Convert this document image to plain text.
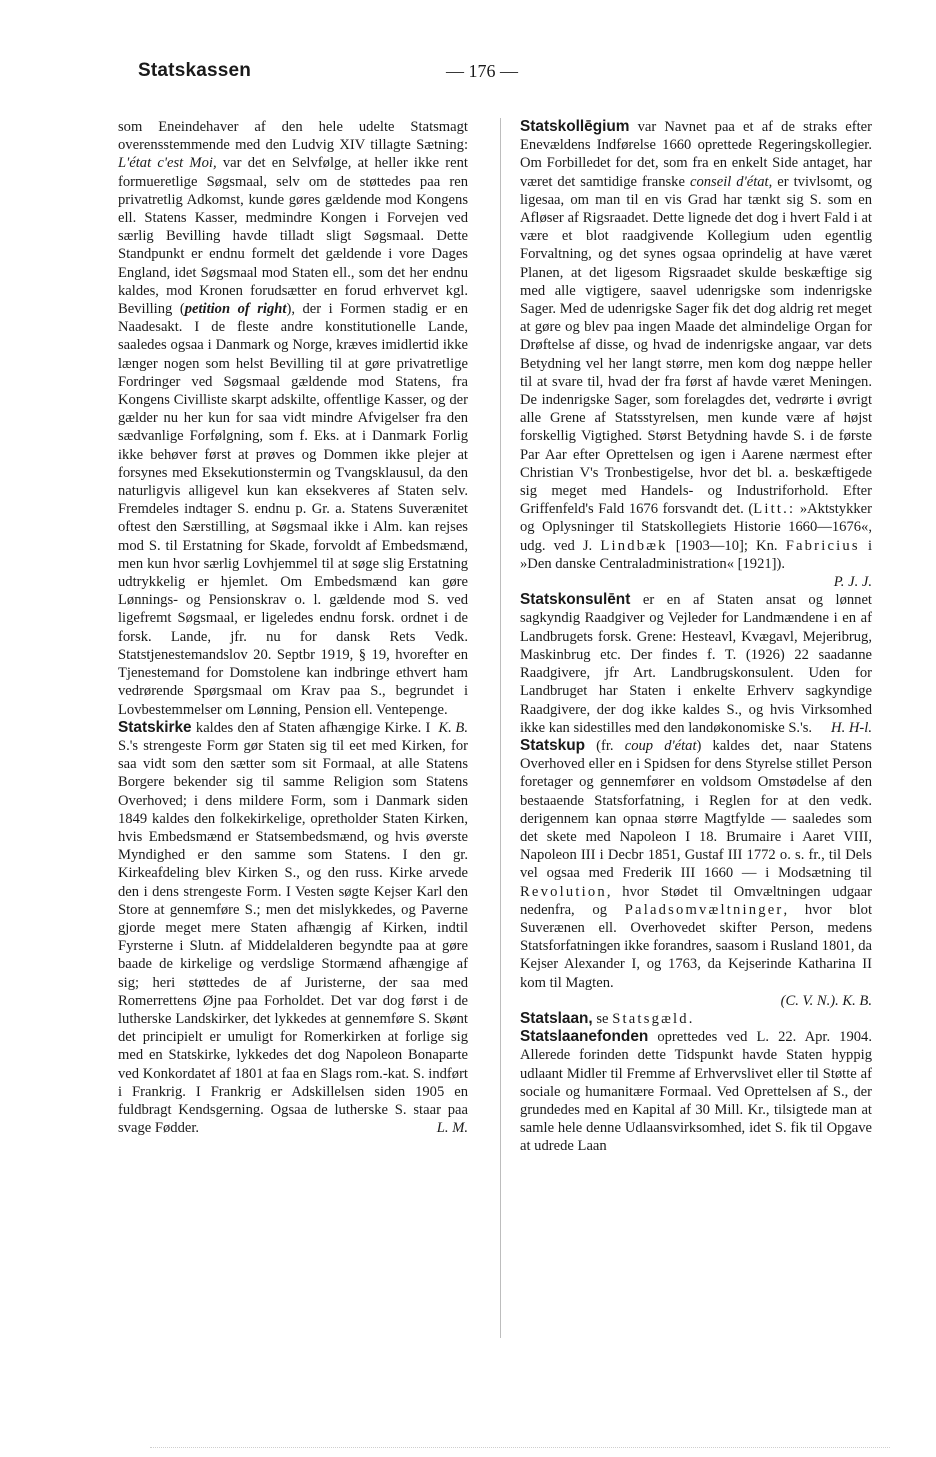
Statskassen	— 176 —

som Eneindehaver af den hele udelte Statsmagt overensstemmende med den Ludvig XIV tillagte Sætning: L'état c'est Moi, var det en Selvfølge, at heller ikke rent formueretlige Søgsmaal, selv om de støttedes paa ren privatretlig Adkomst, kunde gøres gældende mod Kongens ell. Statens Kasser, medmindre Kongen i Forvejen ved særlig Bevilling havde tilladt sligt Søgsmaal. Dette Standpunkt er endnu formelt det gældende i vore Dages England, idet Søgsmaal mod Staten ell., som det her endnu kaldes, mod Kronen forudsætter en forud erhvervet kgl. Bevilling (petition of right), der i Formen stadig er en Naadesakt. I de fleste andre konstitutionelle Lande, saaledes ogsaa i Danmark og Norge, kræves imidlertid ikke længer nogen som helst Bevilling til at gøre privatretlige Fordringer ved Søgsmaal gældende mod Statens, fra Kongens Civilliste skarpt adskilte, offentlige Kasser, og der gælder nu her kun for saa vidt mindre Afvigelser fra den sædvanlige Forfølgning, som f. Eks. at i Danmark Forlig ikke behøver først at prøves og Dommen ikke plejer at forsynes med Eksekutionstermin og Tvangsklausul, da den naturligvis alligevel kun kan eksekveres af Staten selv. Fremdeles indtager S. endnu p. Gr. a. Statens Suverænitet oftest den Særstilling, at Søgsmaal ikke i Alm. kan rejses mod S. til Erstatning for Skade, forvoldt af Embedsmænd, men kun hvor særlig Lovhjemmel til at søge slig Erstatning udtrykkelig er hjemlet. Om Embedsmænd kan gøre Lønnings- og Pensionskrav o. l. gældende mod S. ved ligefremt Søgsmaal, er ligeledes endnu forsk. ordnet i de forsk. Lande, jfr. nu for dansk Rets Vedk. Statstjenestemandslov 20. Septbr 1919, § 19, hvorefter en Tjenestemand for Domstolene kan indbringe ethvert ham vedrørende Spørgsmaal om Krav paa S., begrundet i Lovbestemmelser om Lønning, Pension ell. Ventepenge.
K. B.

Statskirke kaldes den af Staten afhængige Kirke. I S.'s strengeste Form gør Staten sig til eet med Kirken, for saa vidt som den sætter som sit Formaal, at alle Statens Borgere bekender sig til samme Religion som Statens Overhoved; i dens mildere Form, som i Danmark siden 1849 kaldes den folkekirkelige, opretholder Staten Kirken, hvis Embedsmænd er Statsembedsmænd, og hvis øverste Myndighed er den samme som Statens. I den gr. Kirkeafdeling blev Kirken S., og den russ. Kirke arvede den i dens strengeste Form. I Vesten søgte Kejser Karl den Store at gennemføre S.; men det mislykkedes, og Paverne gjorde meget mere Staten afhængig af Kirken, indtil Fyrsterne i Slutn. af Middelalderen begyndte paa at gøre baade de kirkelige og verdslige Stormænd afhængige af sig; heri støttedes de af Juristerne, der saa med Romerrettens Øjne paa Forholdet. Det var dog først i de lutherske Landskirker, det lykkedes at gennemføre S. Skønt det principielt er umuligt for Romerkirken at forlige sig med en Statskirke, lykkedes det dog Napoleon Bonaparte ved Konkordatet af 1801 at faa en Slags rom.-kat. S. indført i Frankrig. I Frankrig er Adskillelsen siden 1905 en fuldbragt Kendsgerning. Ogsaa de lutherske S. staar paa svage Fødder.	L. M.

Statskollēgium var Navnet paa et af de straks efter Enevældens Indførelse 1660 oprettede Regeringskollegier. Om Forbilledet for det, som fra en enkelt Side antaget, har været det samtidige franske conseil d'état, er tvivlsomt, og ligesaa, om man til en vis Grad har tænkt sig S. som en Afløser af Rigsraadet. Dette lignede det dog i hvert Fald i at være et blot raadgivende Kollegium uden egentlig Forvaltning, og det synes ogsaa oprindelig at have været Planen, at det ligesom Rigsraadet skulde beskæftige sig med alle vigtigere, saavel udenrigske som indenrigske Sager. Med de udenrigske Sager fik det dog aldrig ret meget at gøre og blev paa ingen Maade det almindelige Organ for Drøftelse af disse, og hvad de indenrigske angaar, var dets Betydning vel her langt større, men kom dog næppe heller til at svare til, hvad der fra først af havde været Meningen. De indenrigske Sager, som forelagdes det, vedrørte i øvrigt alle Grene af Statsstyrelsen, men kunde være af højst forskellig Vigtighed. Størst Betydning havde S. i de første Par Aar efter Oprettelsen og igen i Aarene nærmest efter Christian V's Tronbestigelse, hvor det bl. a. beskæftigede sig meget med Handels- og Industriforhold. Efter Griffenfeld's Fald 1676 forsvandt det. (Litt.: »Aktstykker og Oplysninger til Statskollegiets Historie 1660—1676«, udg. ved J. Lindbæk [1903—10]; Kn. Fabricius i »Den danske Centraladministration« [1921]).

P. J. J.

Statskonsulēnt er en af Staten ansat og lønnet sagkyndig Raadgiver og Vejleder for Landmændene i en af Landbrugets forsk. Grene: Hesteavl, Kvægavl, Mejeribrug, Maskinbrug etc. Der findes f. T. (1926) 22 saadanne Raadgivere, jfr Art. Landbrugskonsulent. Uden for Landbruget har Staten i enkelte Erhverv sagkyndige Raadgivere, der dog ikke kaldes S., og hvis Virksomhed ikke kan sidestilles med den landøkonomiske S.'s.	H. H-l.

Statskup (fr. coup d'état) kaldes det, naar Statens Overhoved eller en i Spidsen for dens Styrelse stillet Person foretager og gennemfører en voldsom Omstødelse af den bestaaende Statsforfatning, i Reglen for at den vedk. derigennem kan opnaa større Magtfylde — saaledes som det skete med Napoleon I 18. Brumaire i Aaret VIII, Napoleon III i Decbr 1851, Gustaf III 1772 o. s. fr., til Dels vel ogsaa med Frederik III 1660 — i Modsætning til Revolution, hvor Stødet til Omvæltningen udgaar nedenfra, og Paladsomvæltninger, hvor blot Suverænen ell. Overhovedet skifter Person, medens Statsforfatningen ikke forandres, saasom i Rusland 1801, da Kejser Alexander I, og 1763, da Kejserinde Katharina II kom til Magten.

(C. V. N.). K. B.

Statslaan, se Statsgæld.

Statslaanefonden oprettedes ved L. 22. Apr. 1904. Allerede forinden dette Tidspunkt havde Staten hyppig udlaant Midler til Fremme af Erhvervslivet eller til Støtte af sociale og humanitære Formaal. Ved Oprettelsen af S., der grundedes med en Kapital af 30 Mill. Kr., tilsigtede man at samle hele denne Udlaansvirksomhed, idet S. fik til Opgave at udrede Laan
